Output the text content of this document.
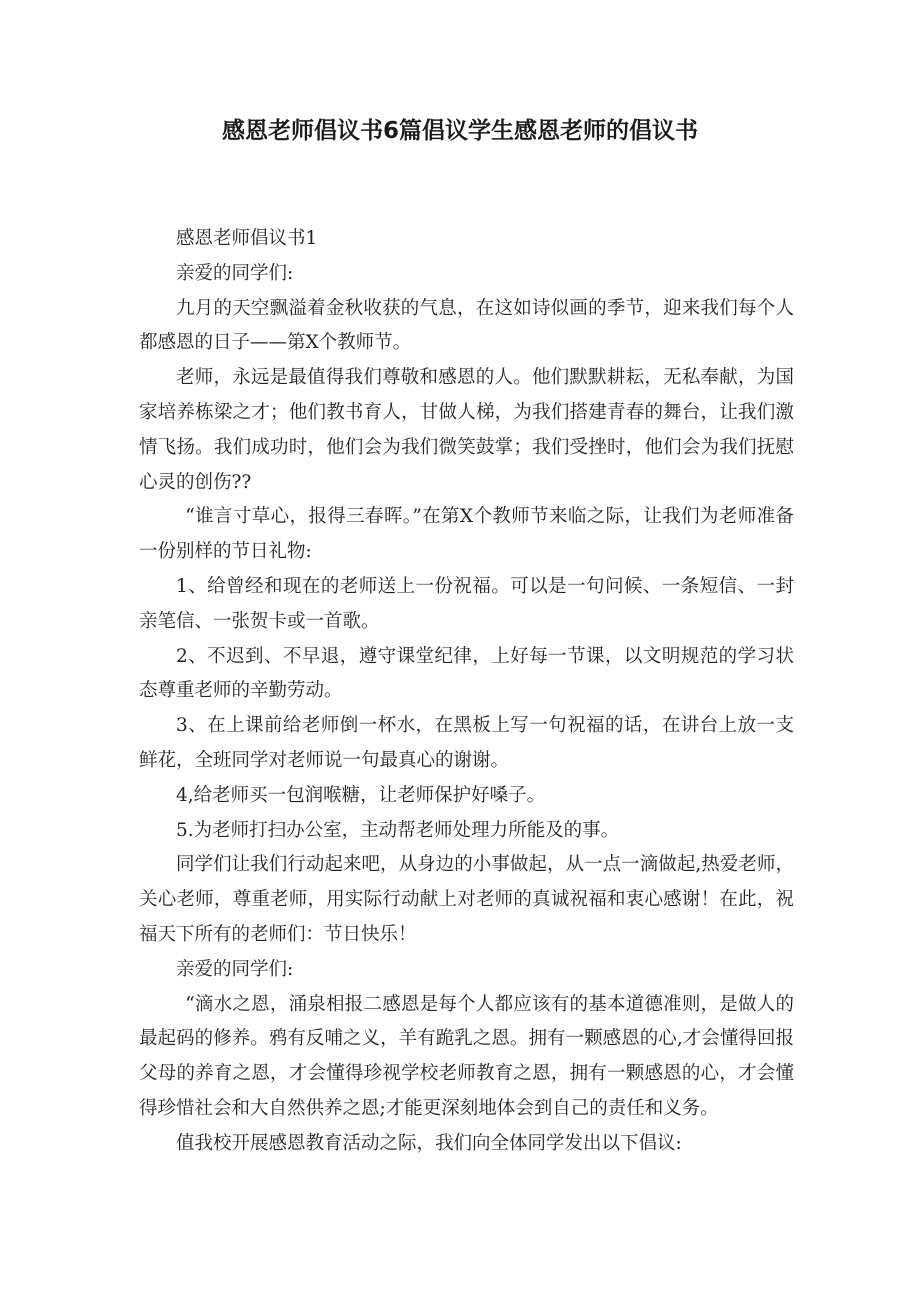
感恩老师倡议书6篇倡议学生感恩老师的倡议书

感恩老师倡议书1

亲爱的同学们:

九月的天空飘溢着金秋收获的气息，在这如诗似画的季节，迎来我们每个人都感恩的日子——第X个教师节。

老师，永远是最值得我们尊敬和感恩的人。他们默默耕耘，无私奉献，为国家培养栋梁之才；他们教书育人，甘做人梯，为我们搭建青春的舞台，让我们激情飞扬。我们成功时，他们会为我们微笑鼓掌；我们受挫时，他们会为我们抚慰心灵的创伤??

“谁言寸草心，报得三春晖。”在第X个教师节来临之际，让我们为老师准备一份别样的节日礼物:

1、给曾经和现在的老师送上一份祝福。可以是一句问候、一条短信、一封亲笔信、一张贺卡或一首歌。

2、不迟到、不早退，遵守课堂纪律，上好每一节课，以文明规范的学习状态尊重老师的辛勤劳动。

3、在上课前给老师倒一杯水，在黑板上写一句祝福的话，在讲台上放一支鲜花，全班同学对老师说一句最真心的谢谢。

4,给老师买一包润喉糖，让老师保护好嗓子。

5.为老师打扫办公室，主动帮老师处理力所能及的事。

同学们让我们行动起来吧，从身边的小事做起，从一点一滴做起,热爱老师，关心老师，尊重老师，用实际行动献上对老师的真诚祝福和衷心感谢！在此，祝福天下所有的老师们：节日快乐！

亲爱的同学们:

“滴水之恩，涌泉相报二感恩是每个人都应该有的基本道德准则，是做人的最起码的修养。鸦有反哺之义，羊有跪乳之恩。拥有一颗感恩的心,才会懂得回报父母的养育之恩，才会懂得珍视学校老师教育之恩，拥有一颗感恩的心，才会懂得珍惜社会和大自然供养之恩;才能更深刻地体会到自己的责任和义务。

值我校开展感恩教育活动之际，我们向全体同学发出以下倡议:
